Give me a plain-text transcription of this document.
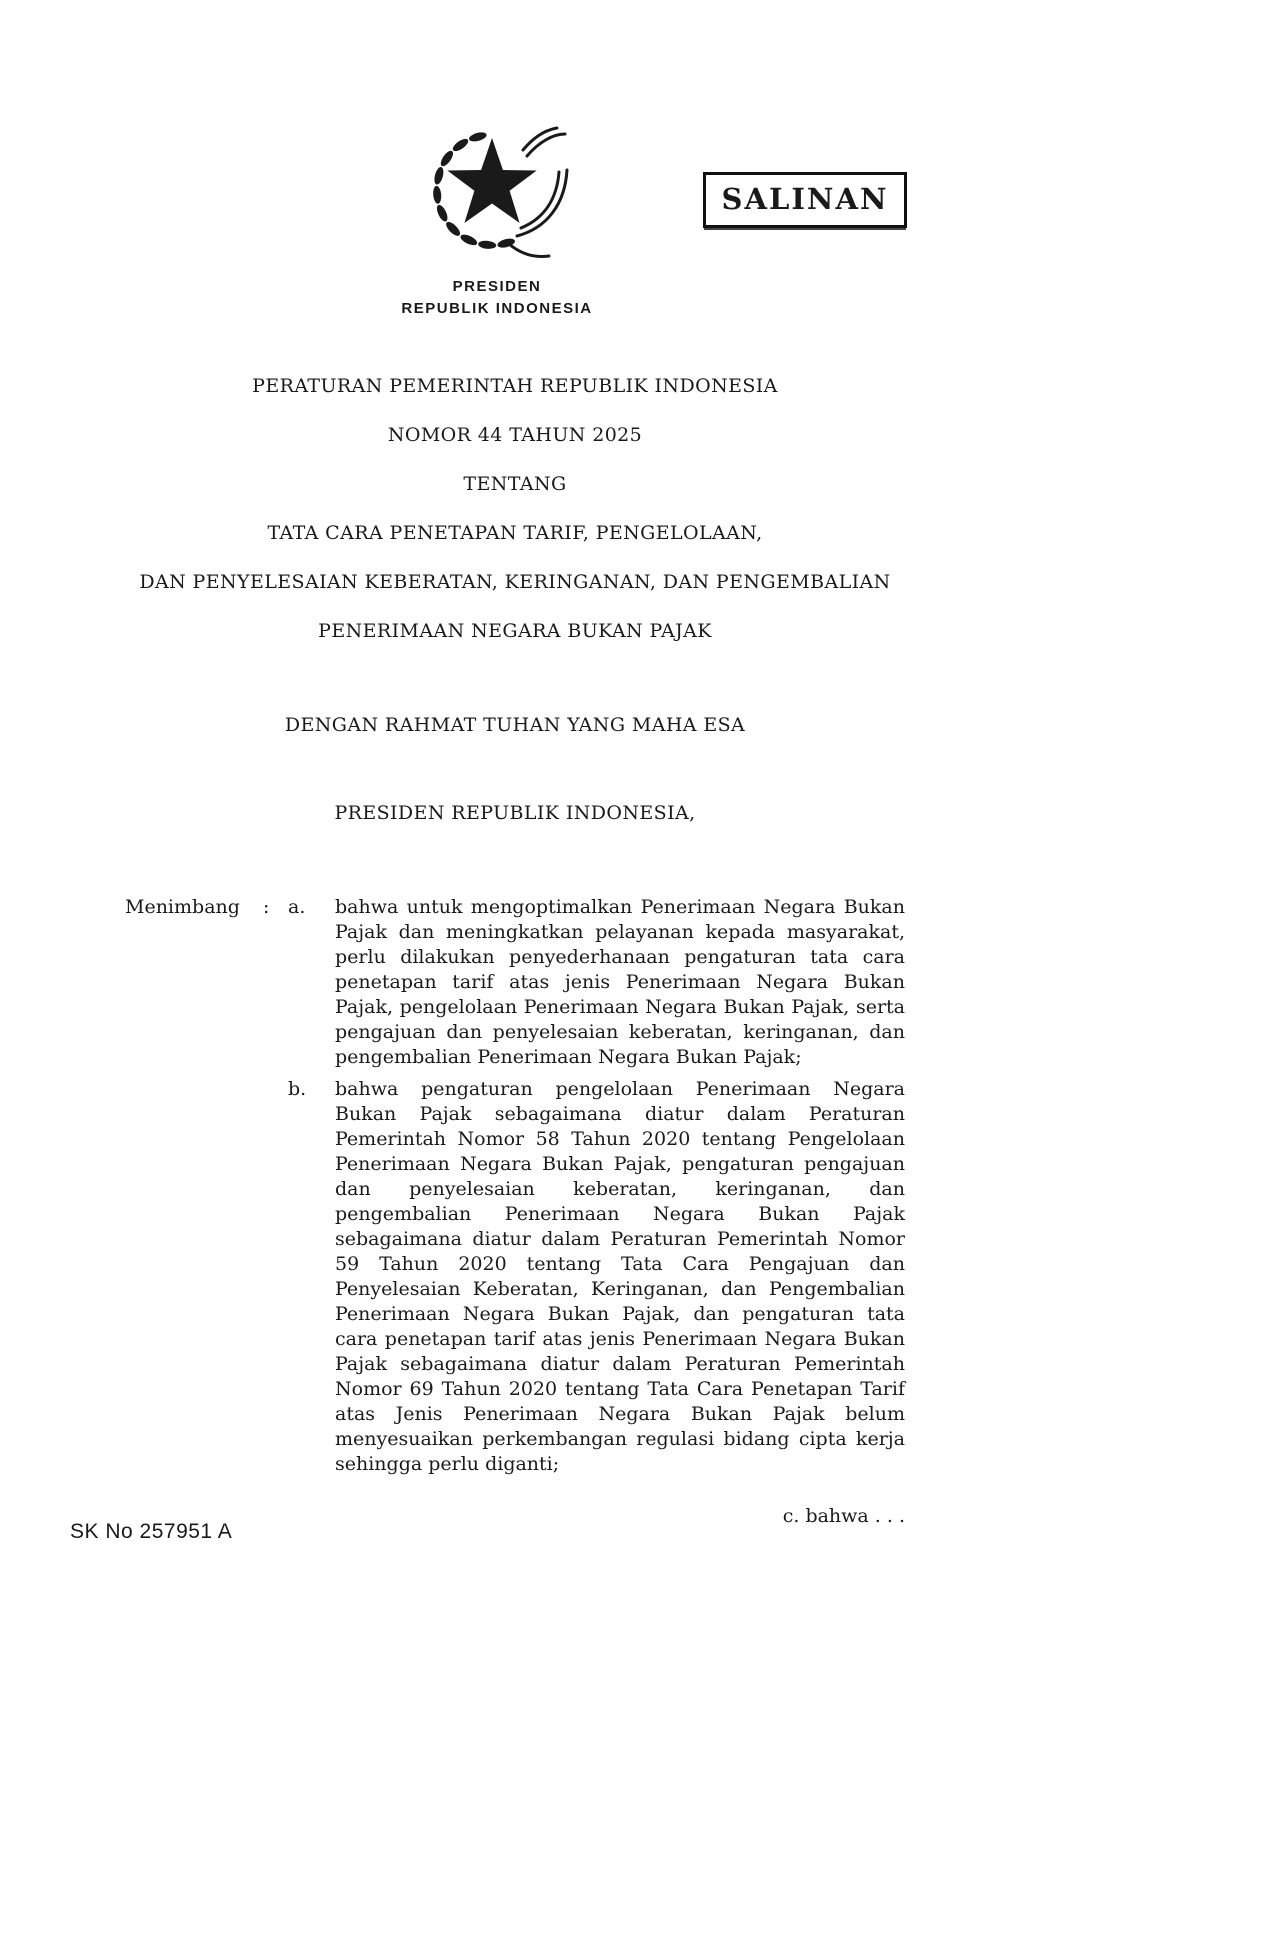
SALINAN
PRESIDEN
REPUBLIK INDONESIA
PERATURAN PEMERINTAH REPUBLIK INDONESIA
NOMOR 44 TAHUN 2025
TENTANG
TATA CARA PENETAPAN TARIF, PENGELOLAAN,
DAN PENYELESAIAN KEBERATAN, KERINGANAN, DAN PENGEMBALIAN
PENERIMAAN NEGARA BUKAN PAJAK
DENGAN RAHMAT TUHAN YANG MAHA ESA
PRESIDEN REPUBLIK INDONESIA,
Menimbang	: a.	bahwa untuk mengoptimalkan Penerimaan Negara Bukan Pajak dan meningkatkan pelayanan kepada masyarakat, perlu dilakukan penyederhanaan pengaturan tata cara penetapan tarif atas jenis Penerimaan Negara Bukan Pajak, pengelolaan Penerimaan Negara Bukan Pajak, serta pengajuan dan penyelesaian keberatan, keringanan, dan pengembalian Penerimaan Negara Bukan Pajak;
b.	bahwa pengaturan pengelolaan Penerimaan Negara Bukan Pajak sebagaimana diatur dalam Peraturan Pemerintah Nomor 58 Tahun 2020 tentang Pengelolaan Penerimaan Negara Bukan Pajak, pengaturan pengajuan dan penyelesaian keberatan, keringanan, dan pengembalian Penerimaan Negara Bukan Pajak sebagaimana diatur dalam Peraturan Pemerintah Nomor 59 Tahun 2020 tentang Tata Cara Pengajuan dan Penyelesaian Keberatan, Keringanan, dan Pengembalian Penerimaan Negara Bukan Pajak, dan pengaturan tata cara penetapan tarif atas jenis Penerimaan Negara Bukan Pajak sebagaimana diatur dalam Peraturan Pemerintah Nomor 69 Tahun 2020 tentang Tata Cara Penetapan Tarif atas Jenis Penerimaan Negara Bukan Pajak belum menyesuaikan perkembangan regulasi bidang cipta kerja sehingga perlu diganti;
c. bahwa . . .
SK No 257951 A
